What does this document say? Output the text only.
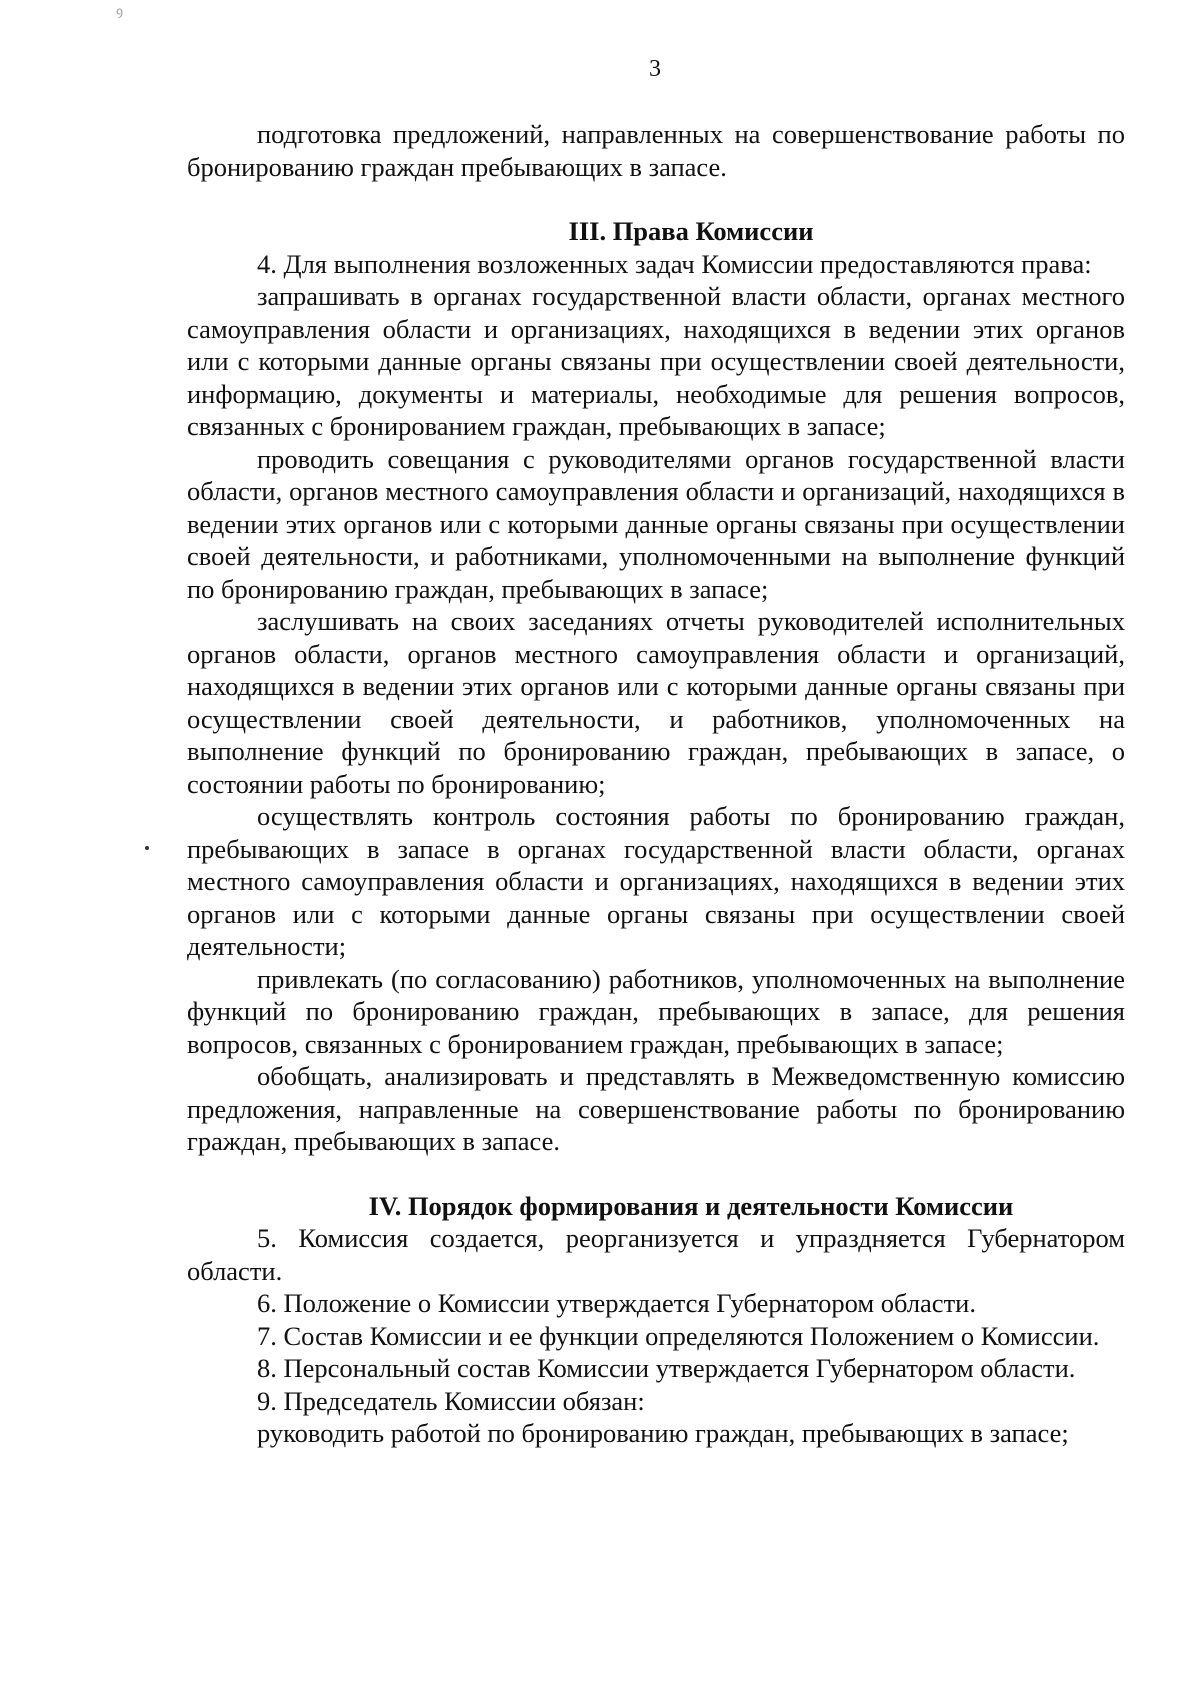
ꝯ
3

подготовка предложений, направленных на совершенствование работы по бронированию граждан пребывающих в запасе.

III. Права Комиссии

4. Для выполнения возложенных задач Комиссии предоставляются права:

запрашивать в органах государственной власти области, органах местного самоуправления области и организациях, находящихся в ведении этих органов или с которыми данные органы связаны при осуществлении своей деятельности, информацию, документы и материалы, необходимые для решения вопросов, связанных с бронированием граждан, пребывающих в запасе;

проводить совещания с руководителями органов государственной власти области, органов местного самоуправления области и организаций, находящихся в ведении этих органов или с которыми данные органы связаны при осуществлении своей деятельности, и работниками, уполномоченными на выполнение функций по бронированию граждан, пребывающих в запасе;

заслушивать на своих заседаниях отчеты руководителей исполнительных органов области, органов местного самоуправления области и организаций, находящихся в ведении этих органов или с которыми данные органы связаны при осуществлении своей деятельности, и работников, уполномоченных на выполнение функций по бронированию граждан, пребывающих в запасе, о состоянии работы по бронированию;

осуществлять контроль состояния работы по бронированию граждан, пребывающих в запасе в органах государственной власти области, органах местного самоуправления области и организациях, находящихся в ведении этих органов или с которыми данные органы связаны при осуществлении своей деятельности;

привлекать (по согласованию) работников, уполномоченных на выполнение функций по бронированию граждан, пребывающих в запасе, для решения вопросов, связанных с бронированием граждан, пребывающих в запасе;

обобщать, анализировать и представлять в Межведомственную комиссию предложения, направленные на совершенствование работы по бронированию граждан, пребывающих в запасе.

IV. Порядок формирования и деятельности Комиссии

5. Комиссия создается, реорганизуется и упраздняется Губернатором области.

6. Положение о Комиссии утверждается Губернатором области.

7. Состав Комиссии и ее функции определяются Положением о Комиссии.

8. Персональный состав Комиссии утверждается Губернатором области.

9. Председатель Комиссии обязан:

руководить работой по бронированию граждан, пребывающих в запасе;
